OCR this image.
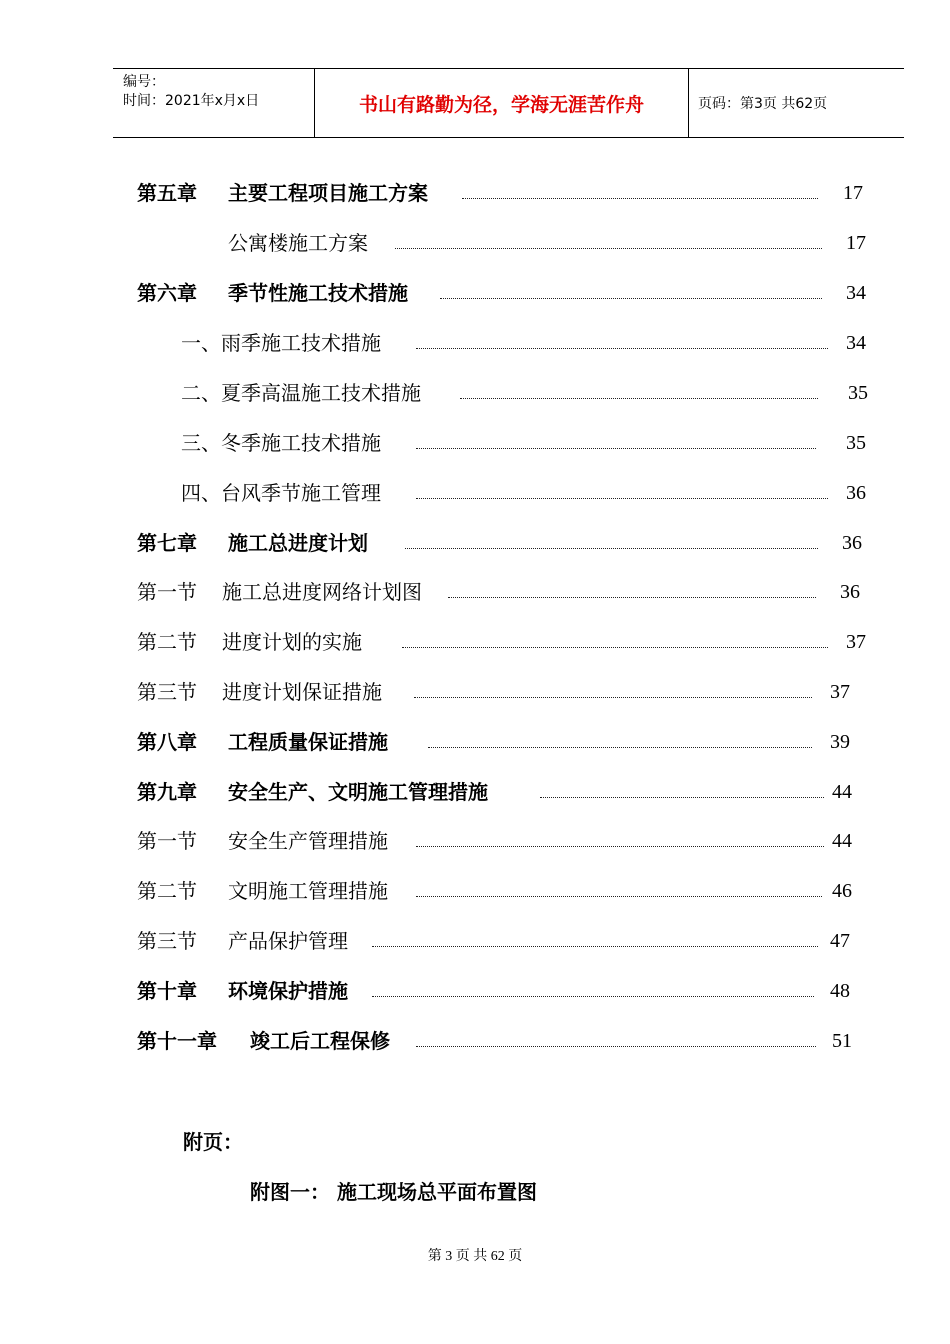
编号：
时间：2021年x月x日	书山有路勤为径，学海无涯苦作舟	页码：第3页 共62页
第五章 主要工程项目施工方案	17
公寓楼施工方案	17
第六章 季节性施工技术措施	34
一、雨季施工技术措施	34
二、夏季高温施工技术措施	35
三、冬季施工技术措施	35
四、台风季节施工管理	36
第七章 施工总进度计划	36
第一节 施工总进度网络计划图	36
第二节 进度计划的实施	37
第三节 进度计划保证措施	37
第八章 工程质量保证措施	39
第九章 安全生产、文明施工管理措施	44
第一节 安全生产管理措施	44
第二节 文明施工管理措施	46
第三节 产品保护管理	47
第十章 环境保护措施	48
第十一章 竣工后工程保修	51
附页：
附图一： 施工现场总平面布置图
第 3 页 共 62 页
